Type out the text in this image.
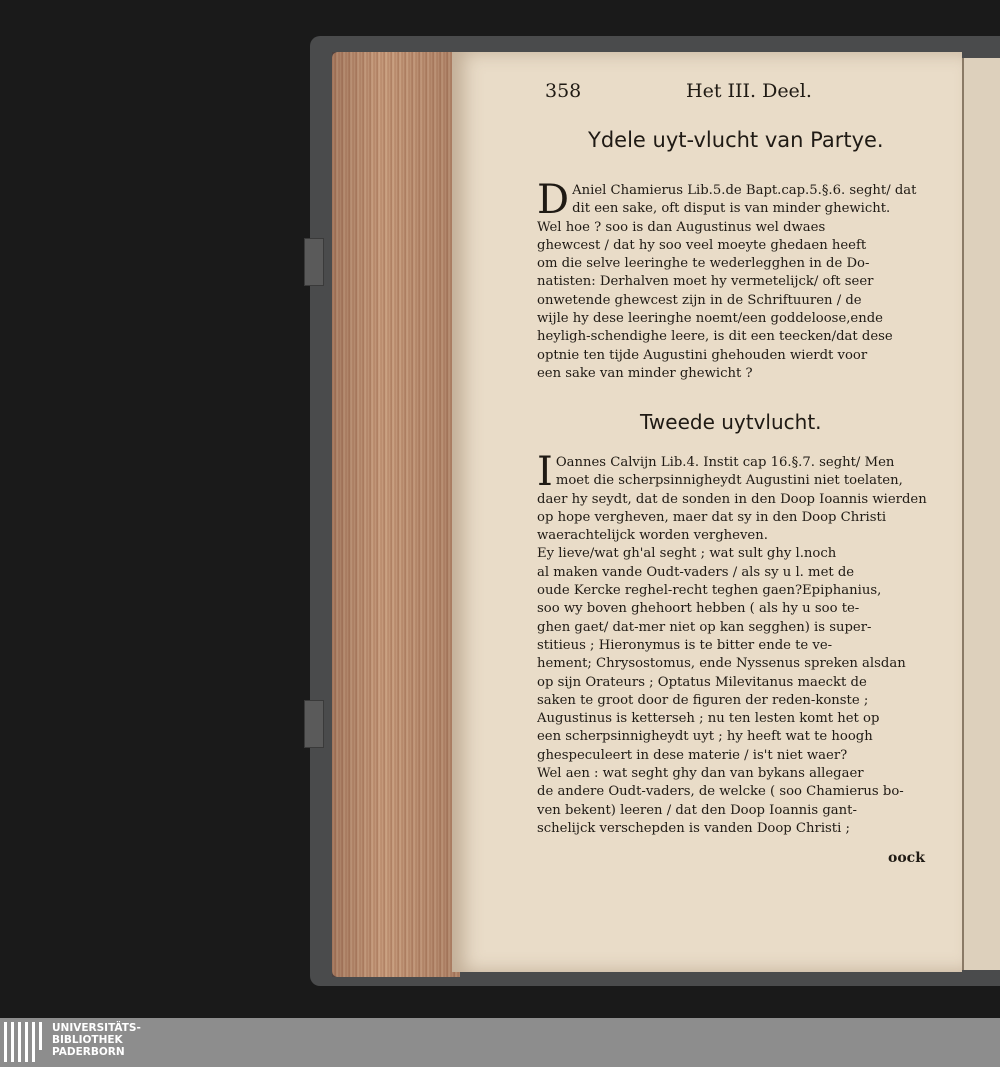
358	Het III. Deel.
Ydele uyt-vlucht van Partye.
D Aniel Chamierus Lib.5.de Bapt.cap.5.§.6. seght/ dat
dit een sake, oft disput is van minder ghewicht.
Wel hoe ? soo is dan Augustinus wel dwaes
ghewcest / dat hy soo veel moeyte ghedaen heeft
om die selve leeringhe te wederlegghen in de Do-
natisten: Derhalven moet hy vermetelijck/ oft seer
onwetende ghewcest zijn in de Schriftuuren / de
wijle hy dese leeringhe noemt/een goddeloose,ende
heyligh-schendighe leere, is dit een teecken/dat dese
optnie ten tijde Augustini ghehouden wierdt voor
een sake van minder ghewicht ?
Tweede uytvlucht.
I Oannes Calvijn Lib.4. Instit cap 16.§.7. seght/ Men
moet die scherpsinnigheydt Augustini niet toelaten,
daer hy seydt, dat de sonden in den Doop Ioannis wierden
op hope vergheven, maer dat sy in den Doop Christi
waerachtelijck worden vergheven.
Ey lieve/wat gh'al seght ; wat sult ghy l.noch
al maken vande Oudt-vaders / als sy u l. met de
oude Kercke reghel-recht teghen gaen?Epiphanius,
soo wy boven ghehoort hebben ( als hy u soo te-
ghen gaet/ dat-mer niet op kan segghen) is super-
stitieus ; Hieronymus is te bitter ende te ve-
hement; Chrysostomus, ende Nyssenus spreken alsdan
op sijn Orateurs ; Optatus Milevitanus maeckt de
saken te groot door de figuren der reden-konste ;
Augustinus is ketterseh ; nu ten lesten komt het op
een scherpsinnigheydt uyt ; hy heeft wat te hoogh
ghespeculeert in dese materie / is't niet waer?
Wel aen : wat seght ghy dan van bykans allegaer
de andere Oudt-vaders, de welcke ( soo Chamierus bo-
ven bekent) leeren / dat den Doop Ioannis gant-
schelijck verschepden is vanden Doop Christi ;
oock
UNIVERSITÄTS-
BIBLIOTHEK
PADERBORN
